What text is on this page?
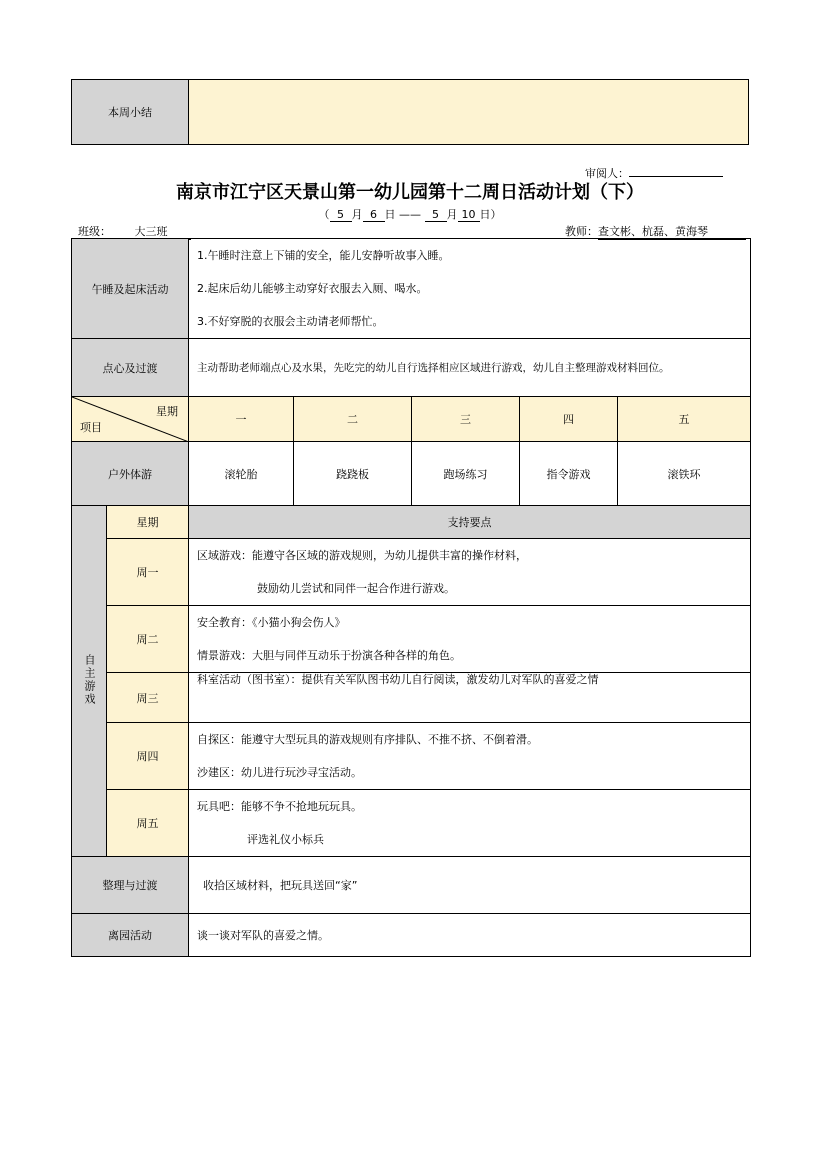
本周小结	
审阅人：
南京市江宁区天景山第一幼儿园第十二周日活动计划（下）
（ 5 月 6 日 —— 5 月 10 日）
班级： 大三班	教师：查文彬、杭磊、黄海琴
午睡及起床活动		1.午睡时注意上下铺的安全，能儿安静听故事入睡。

2.起床后幼儿能够主动穿好衣服去入厕、喝水。

3.不好穿脱的衣服会主动请老师帮忙。				

点心及过渡		主动帮助老师端点心及水果，先吃完的幼儿自行选择相应区域进行游戏，幼儿自主整理游戏材料回位。				

星期
项目		一	二	三	四	五
户外体游		滚轮胎	跷跷板	跑场练习	指令游戏	滚铁环
自主游戏	星期	支持要点				
	周一	区域游戏：能遵守各区域的游戏规则，为幼儿提供丰富的操作材料，

鼓励幼儿尝试和同伴一起合作进行游戏。				

	周二	安全教育：《小猫小狗会伤人》

情景游戏：大胆与同伴互动乐于扮演各种各样的角色。				

	周三	科室活动（图书室）：提供有关军队图书幼儿自行阅读，激发幼儿对军队的喜爱之情				

	周四	自探区：能遵守大型玩具的游戏规则有序排队、不推不挤、不倒着滑。

沙建区：幼儿进行玩沙寻宝活动。				

	周五	玩具吧：能够不争不抢地玩玩具。

评选礼仪小标兵				

整理与过渡		收拾区域材料，把玩具送回“家”				
离园活动		谈一谈对军队的喜爱之情。				
